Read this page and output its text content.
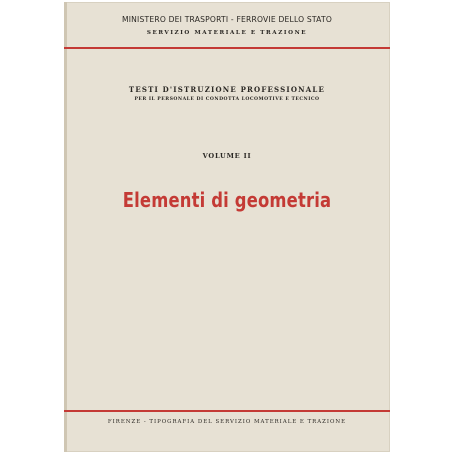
MINISTERO DEI TRASPORTI - FERROVIE DELLO STATO
SERVIZIO MATERIALE E TRAZIONE
TESTI D'ISTRUZIONE PROFESSIONALE
PER IL PERSONALE DI CONDOTTA LOCOMOTIVE E TECNICO
VOLUME II
Elementi di geometria
FIRENZE - TIPOGRAFIA DEL SERVIZIO MATERIALE E TRAZIONE
